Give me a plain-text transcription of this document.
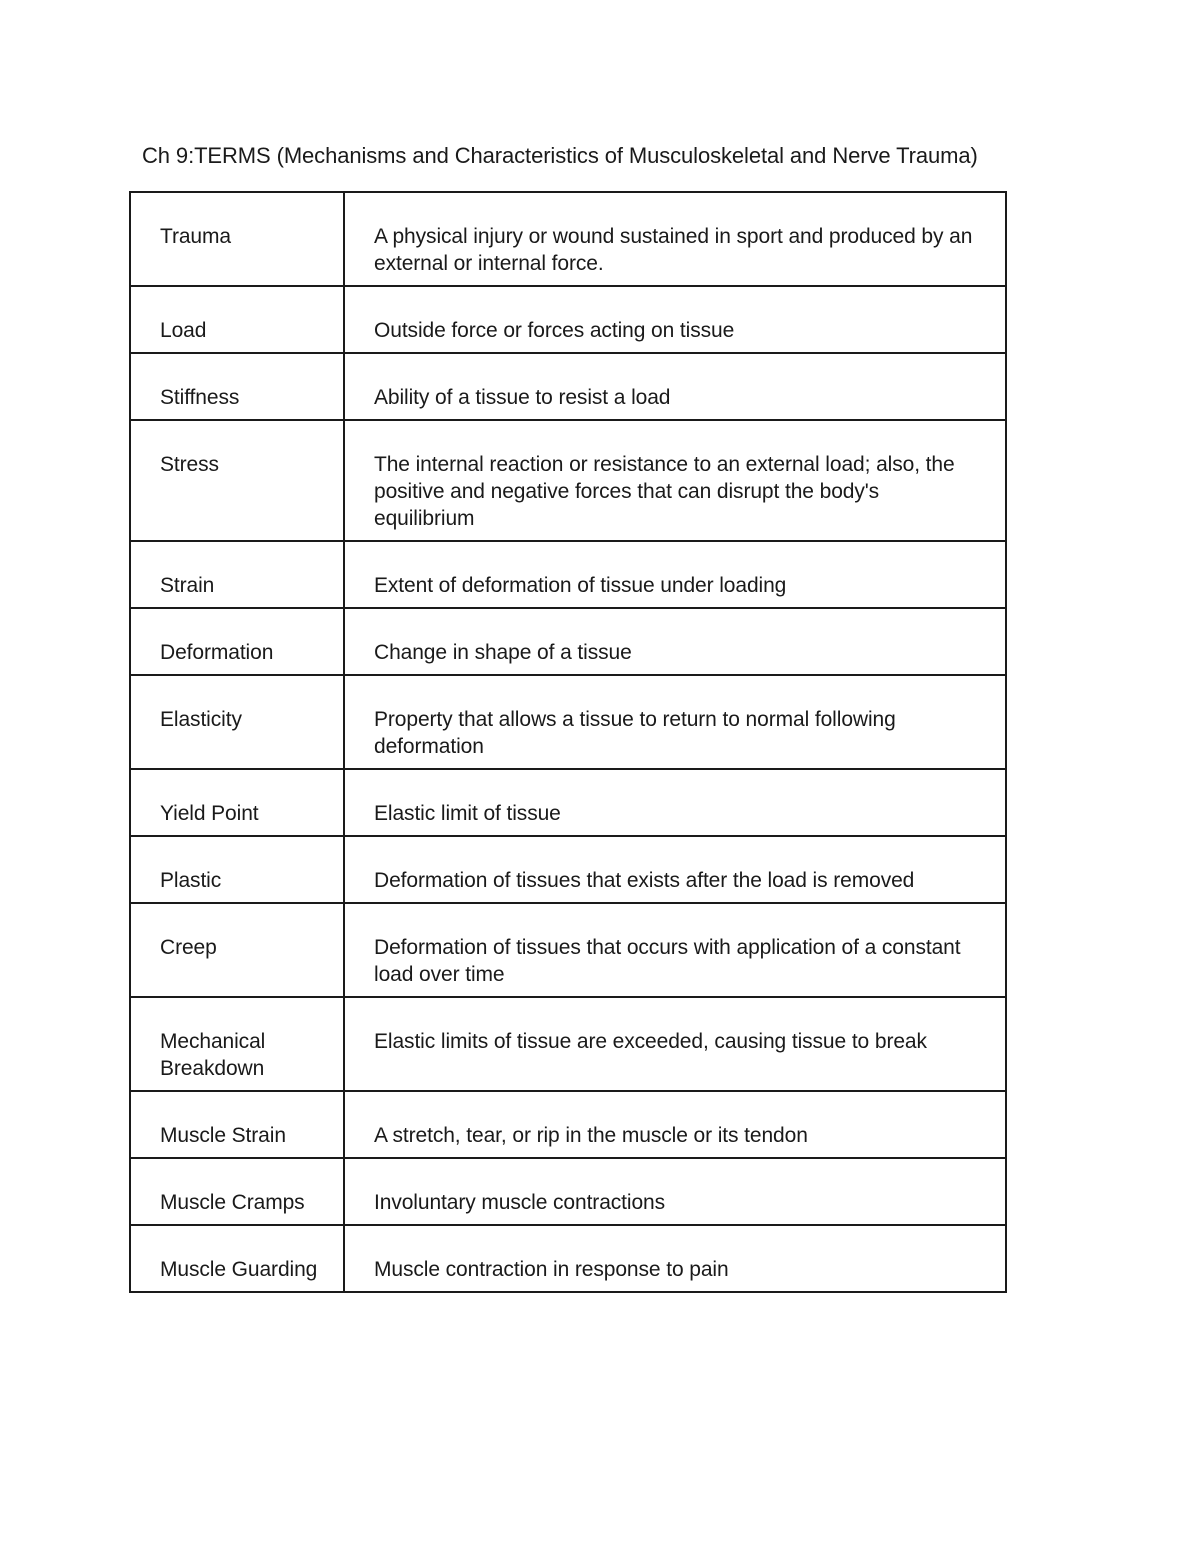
Ch 9:TERMS (Mechanisms and Characteristics of Musculoskeletal and Nerve Trauma)
Trauma	A physical injury or wound sustained in sport and produced by an external or internal force.
Load	Outside force or forces acting on tissue
Stiffness	Ability of a tissue to resist a load
Stress	The internal reaction or resistance to an external load; also, the positive and negative forces that can disrupt the body's equilibrium
Strain	Extent of deformation of tissue under loading
Deformation	Change in shape of a tissue
Elasticity	Property that allows a tissue to return to normal following deformation
Yield Point	Elastic limit of tissue
Plastic	Deformation of tissues that exists after the load is removed
Creep	Deformation of tissues that occurs with application of a constant load over time
Mechanical Breakdown	Elastic limits of tissue are exceeded, causing tissue to break
Muscle Strain	A stretch, tear, or rip in the muscle or its tendon
Muscle Cramps	Involuntary muscle contractions
Muscle Guarding	Muscle contraction in response to pain
